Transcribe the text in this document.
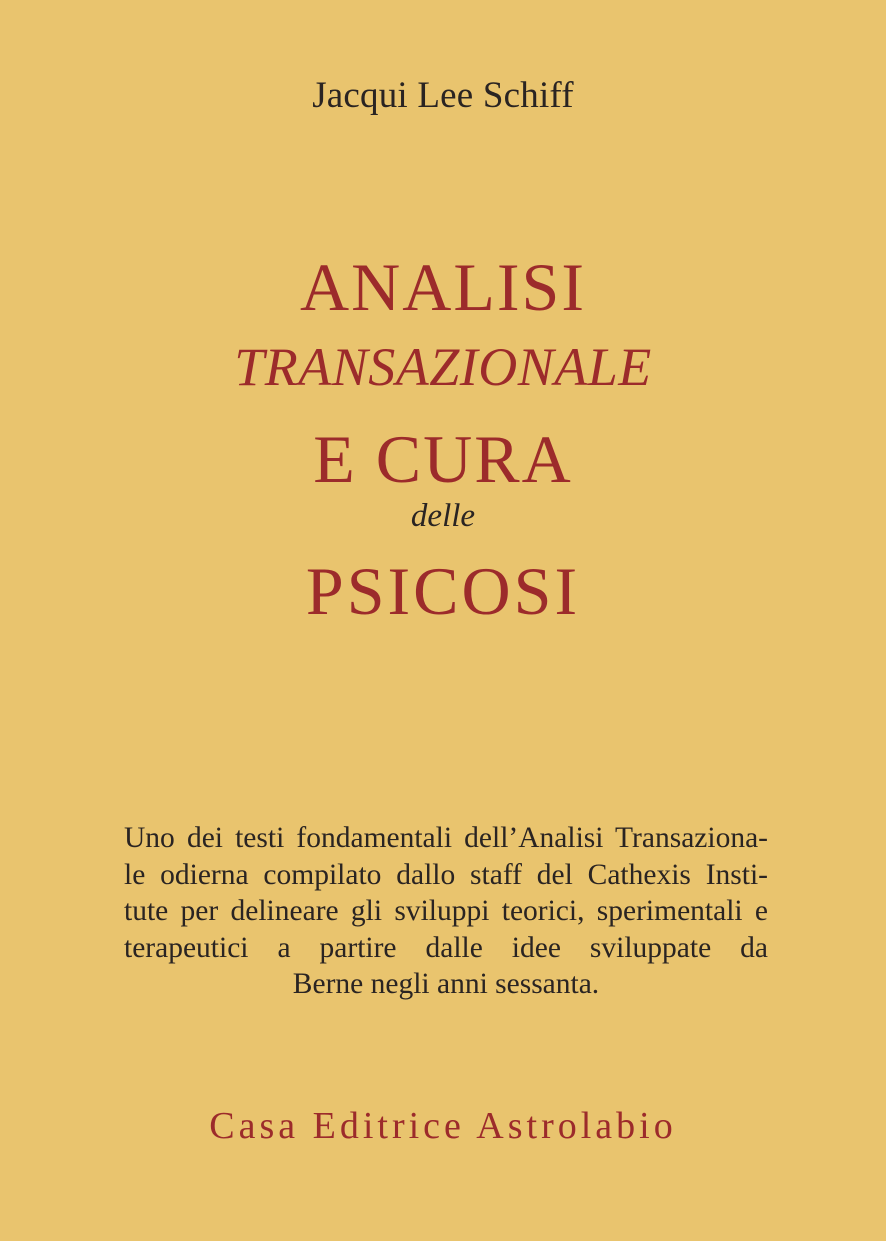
Jacqui Lee Schiff
ANALISI
TRANSAZIONALE
E CURA
delle
PSICOSI
Uno dei testi fondamentali dell’Analisi Transaziona-
le odierna compilato dallo staff del Cathexis Insti-
tute per delineare gli sviluppi teorici, sperimentali e
terapeutici a partire dalle idee sviluppate da
Berne negli anni sessanta.
Casa Editrice Astrolabio
